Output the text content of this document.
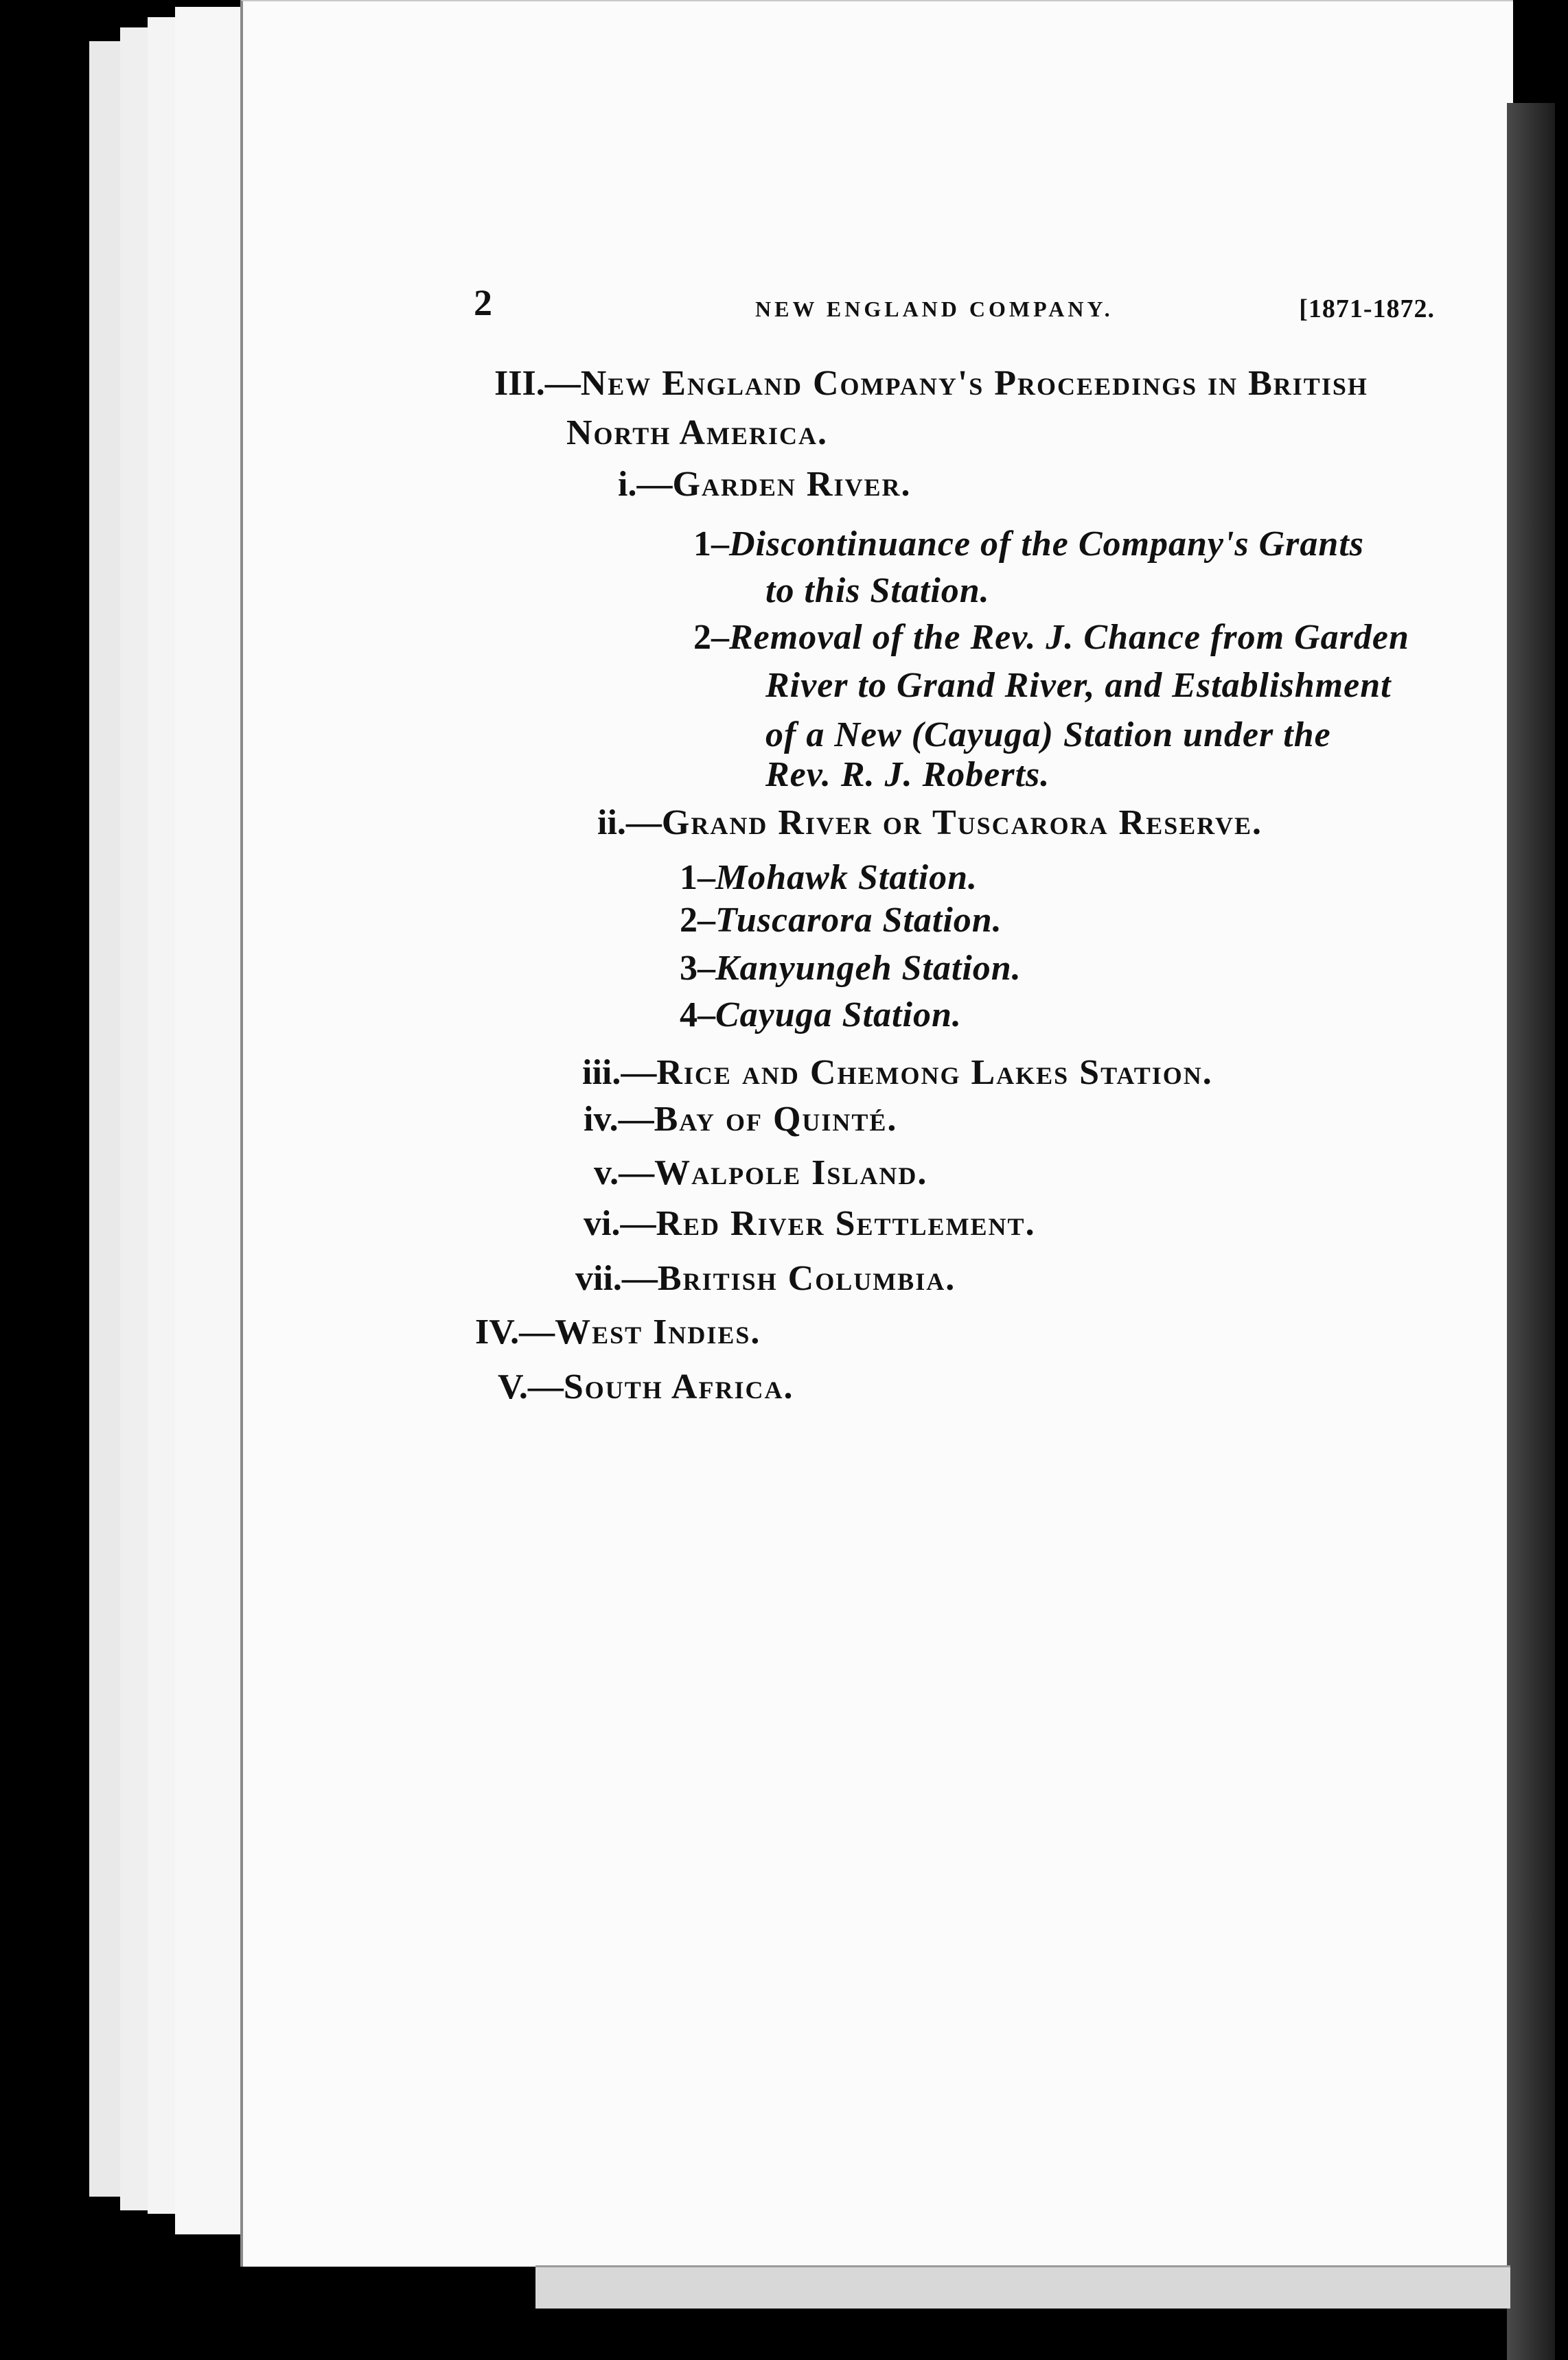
2	NEW ENGLAND COMPANY.	[1871-1872.
III.—New England Company's Proceedings in British
North America.
i.—Garden River.
1–Discontinuance of the Company's Grants
to this Station.
2–Removal of the Rev. J. Chance from Garden
River to Grand River, and Establishment
of a New (Cayuga) Station under the
Rev. R. J. Roberts.
ii.—Grand River or Tuscarora Reserve.
1–Mohawk Station.
2–Tuscarora Station.
3–Kanyungeh Station.
4–Cayuga Station.
iii.—Rice and Chemong Lakes Station.
iv.—Bay of Quinté.
v.—Walpole Island.
vi.—Red River Settlement.
vii.—British Columbia.
IV.—West Indies.
V.—South Africa.
